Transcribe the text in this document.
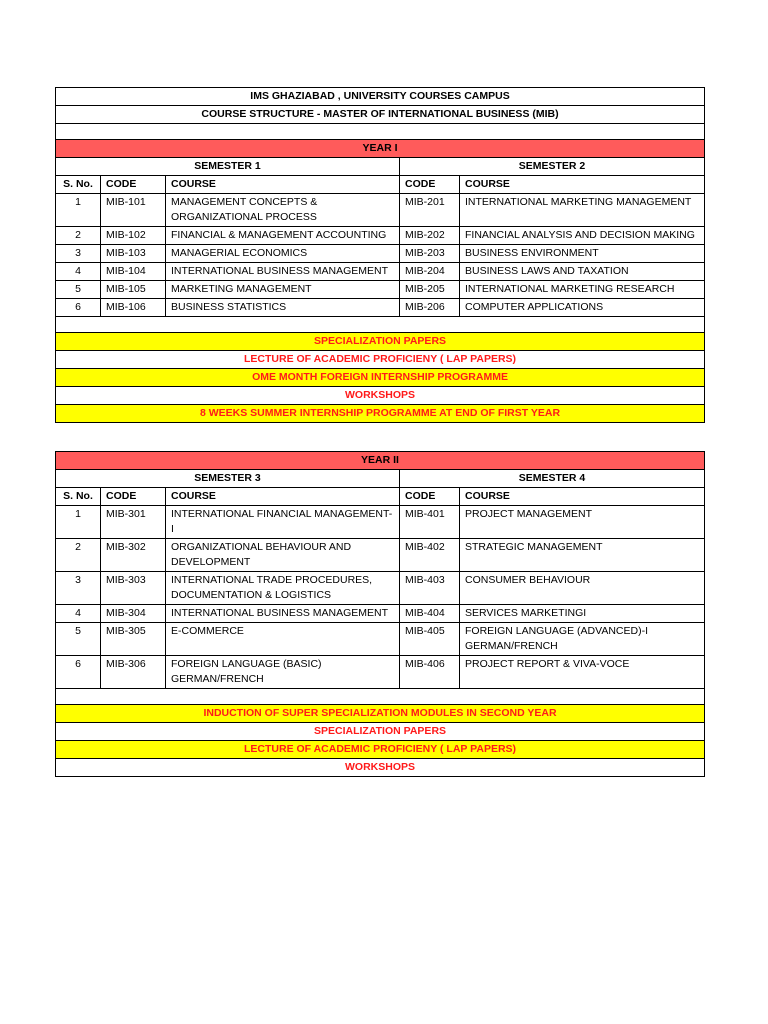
IMS GHAZIABAD , UNIVERSITY COURSES CAMPUS				
COURSE STRUCTURE - MASTER OF INTERNATIONAL BUSINESS (MIB)				

YEAR I				
SEMESTER 1			SEMESTER 2	
S. No.	CODE	COURSE	CODE	COURSE
1	MIB-101	MANAGEMENT CONCEPTS & ORGANIZATIONAL PROCESS	MIB-201	INTERNATIONAL MARKETING MANAGEMENT
2	MIB-102	FINANCIAL & MANAGEMENT ACCOUNTING	MIB-202	FINANCIAL ANALYSIS AND DECISION MAKING
3	MIB-103	MANAGERIAL ECONOMICS	MIB-203	BUSINESS ENVIRONMENT
4	MIB-104	INTERNATIONAL BUSINESS MANAGEMENT	MIB-204	BUSINESS LAWS AND TAXATION
5	MIB-105	MARKETING MANAGEMENT	MIB-205	INTERNATIONAL MARKETING RESEARCH
6	MIB-106	BUSINESS STATISTICS	MIB-206	COMPUTER APPLICATIONS

SPECIALIZATION PAPERS				
LECTURE OF ACADEMIC PROFICIENY ( LAP PAPERS)				
OME MONTH FOREIGN INTERNSHIP PROGRAMME				
WORKSHOPS				
8 WEEKS SUMMER INTERNSHIP PROGRAMME AT END OF FIRST YEAR				
YEAR II				
SEMESTER 3			SEMESTER 4	
S. No.	CODE	COURSE	CODE	COURSE
1	MIB-301	INTERNATIONAL FINANCIAL MANAGEMENT-I	MIB-401	PROJECT MANAGEMENT
2	MIB-302	ORGANIZATIONAL BEHAVIOUR AND DEVELOPMENT	MIB-402	STRATEGIC MANAGEMENT
3	MIB-303	INTERNATIONAL TRADE PROCEDURES, DOCUMENTATION & LOGISTICS	MIB-403	CONSUMER BEHAVIOUR
4	MIB-304	INTERNATIONAL BUSINESS MANAGEMENT	MIB-404	SERVICES MARKETINGI
5	MIB-305	E-COMMERCE	MIB-405	FOREIGN LANGUAGE (ADVANCED)-I GERMAN/FRENCH
6	MIB-306	FOREIGN LANGUAGE (BASIC) GERMAN/FRENCH	MIB-406	PROJECT REPORT & VIVA-VOCE

INDUCTION OF SUPER SPECIALIZATION MODULES IN SECOND YEAR				
SPECIALIZATION PAPERS				
LECTURE OF ACADEMIC PROFICIENY ( LAP PAPERS)				
WORKSHOPS				
